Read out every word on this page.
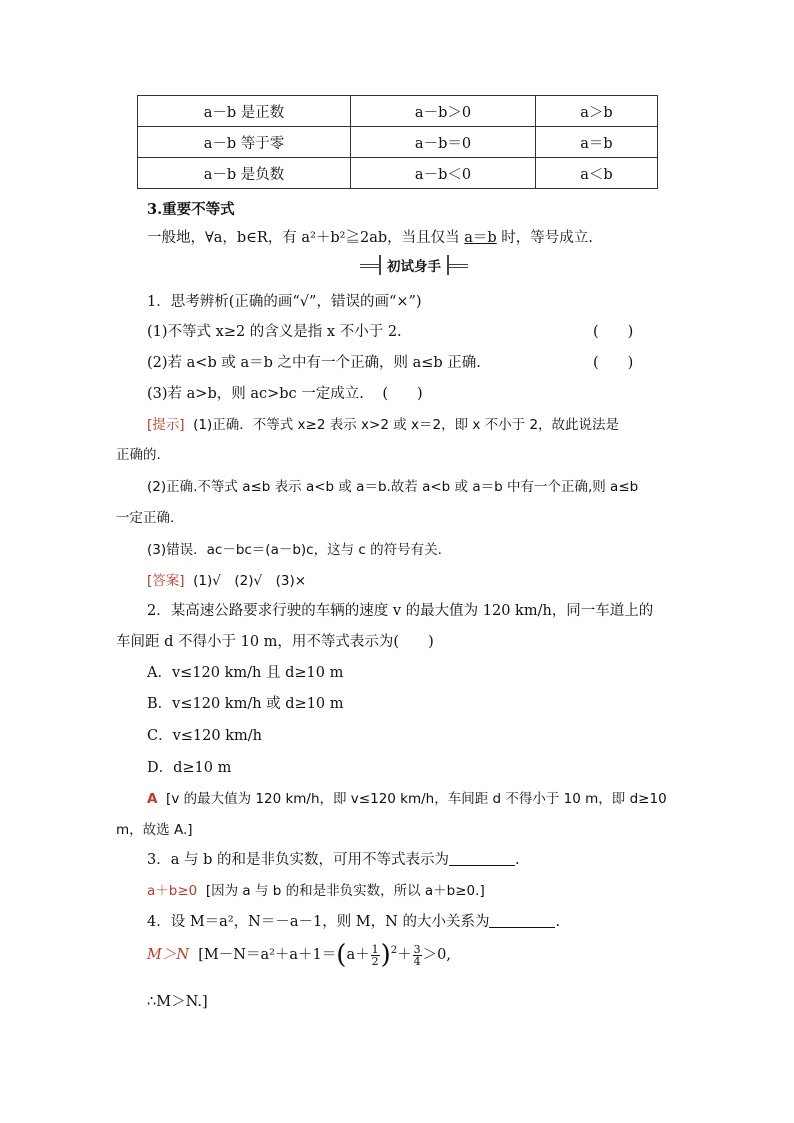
a－b 是正数	a－b＞0	a＞b
a－b 等于零	a－b＝0	a＝b
a－b 是负数	a－b＜0	a＜b
3.重要不等式
一般地，∀a，b∈R，有 a²＋b²≧2ab，当且仅当 a＝b 时，等号成立.
初试身手
1．思考辨析(正确的画“√”，错误的画“×”)
(1)不等式 x≥2 的含义是指 x 不小于 2.	(　　)
(2)若 a<b 或 a＝b 之中有一个正确，则 a≤b 正确.	(　　)
(3)若 a>b，则 ac>bc 一定成立. (　　)
[提示] (1)正确．不等式 x≥2 表示 x>2 或 x＝2，即 x 不小于 2，故此说法是
正确的.
(2)正确.不等式 a≤b 表示 a<b 或 a＝b.故若 a<b 或 a＝b 中有一个正确,则 a≤b
一定正确.
(3)错误．ac－bc＝(a－b)c，这与 c 的符号有关.
[答案] (1)√　(2)√　(3)×
2．某高速公路要求行驶的车辆的速度 v 的最大值为 120 km/h，同一车道上的
车间距 d 不得小于 10 m，用不等式表示为(　　)
A．v≤120 km/h 且 d≥10 m
B．v≤120 km/h 或 d≥10 m
C．v≤120 km/h
D．d≥10 m
A [v 的最大值为 120 km/h，即 v≤120 km/h，车间距 d 不得小于 10 m，即 d≥10
m，故选 A.]
3．a 与 b 的和是非负实数，可用不等式表示为	.
a＋b≥0 [因为 a 与 b 的和是非负实数，所以 a＋b≥0.]
4．设 M＝a²，N＝－a－1，则 M，N 的大小关系为	.
M＞N [$M-N=a^2+a+1=(a+ \frac{1}{2} )^2+ \frac{3}{4} >0$,
∴M＞N.]
